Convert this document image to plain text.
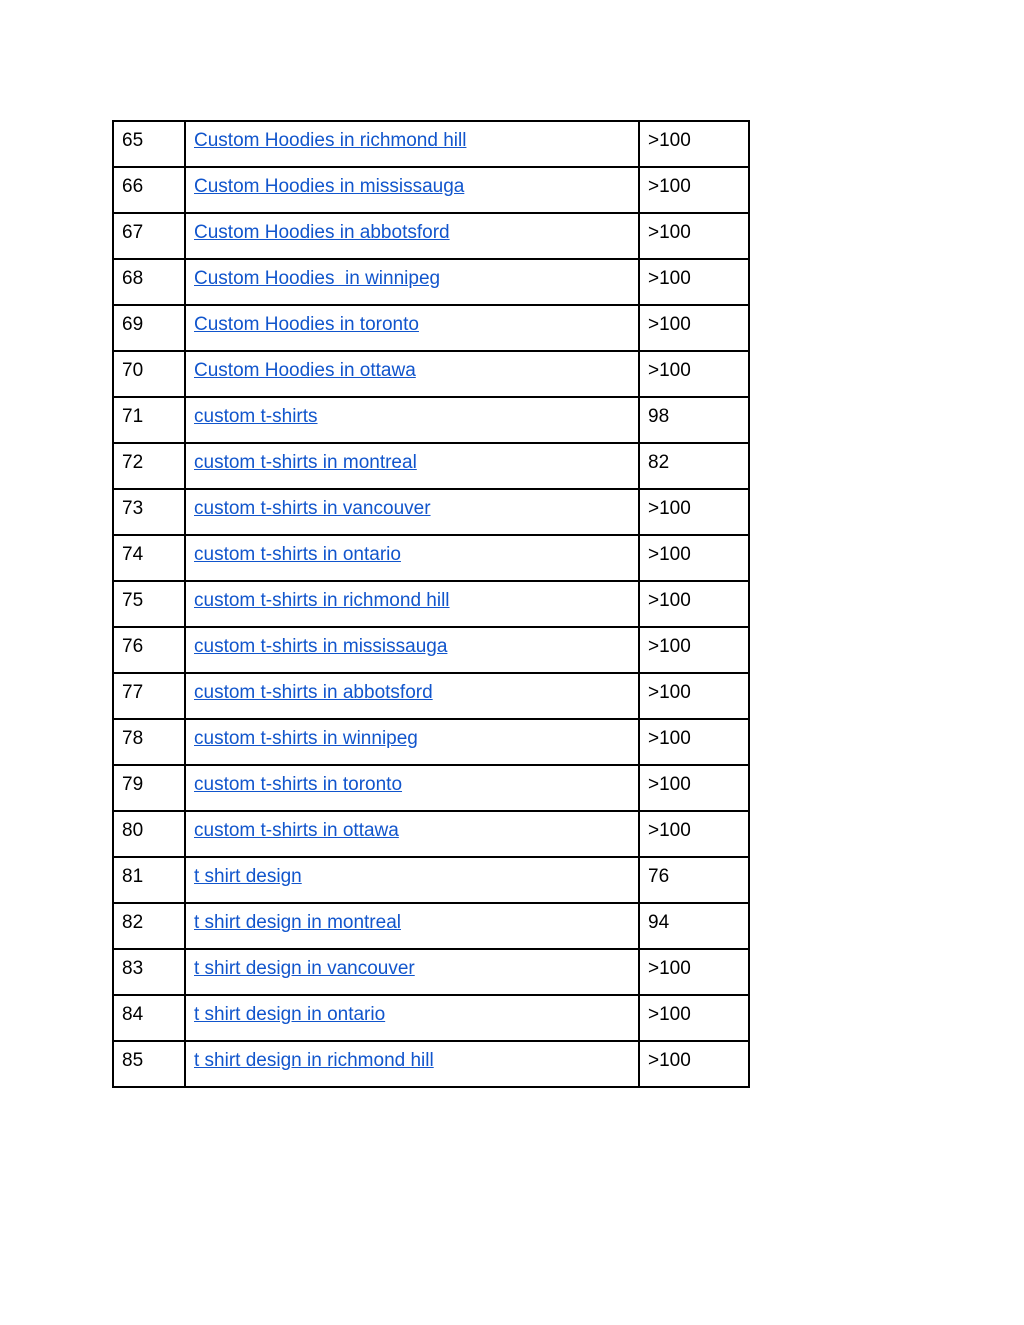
65	Custom Hoodies in richmond hill	>100
66	Custom Hoodies in mississauga	>100
67	Custom Hoodies in abbotsford	>100
68	Custom Hoodies  in winnipeg	>100
69	Custom Hoodies in toronto	>100
70	Custom Hoodies in ottawa	>100
71	custom t-shirts	98
72	custom t-shirts in montreal	82
73	custom t-shirts in vancouver	>100
74	custom t-shirts in ontario	>100
75	custom t-shirts in richmond hill	>100
76	custom t-shirts in mississauga	>100
77	custom t-shirts in abbotsford	>100
78	custom t-shirts in winnipeg	>100
79	custom t-shirts in toronto	>100
80	custom t-shirts in ottawa	>100
81	t shirt design	76
82	t shirt design in montreal	94
83	t shirt design in vancouver	>100
84	t shirt design in ontario	>100
85	t shirt design in richmond hill	>100
